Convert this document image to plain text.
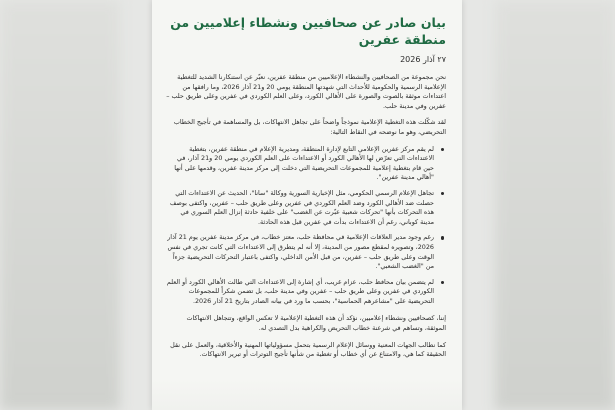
بيان صادر عن صحافيين ونشطاء إعلاميين من منطقة عفرين
٢٧ آذار 2026

نحن مجموعة من الصحافيين والنشطاء الإعلاميين من منطقة عفرين، نعبّر عن استنكارنا الشديد للتغطية الإعلامية الرسمية والحكومية للأحداث التي شهدتها المنطقة يومي 20 و21 آذار 2026، وما رافقها من اعتداءات موثقة بالصوت والصورة على الأهالي الكورد، وعلى العلم الكوردي في عفرين وعلى طريق حلب – عفرين وفي مدينة حلب.

لقد شكّلت هذه التغطية الإعلامية نموذجاً واضحاً على تجاهل الانتهاكات، بل والمساهمة في تأجيج الخطاب التحريضي، وهو ما نوضحه في النقاط التالية:

لم يقم مركز عفرين الإعلامي التابع لإدارة المنطقة، ومديرية الإعلام في منطقة عفرين، بتغطية الاعتداءات التي تعرّض لها الأهالي الكورد أو الاعتداءات على العلم الكوردي يومي 20 و21 آذار، في حين قام بتغطية إعلامية للمجموعات التحريضية التي دخلت إلى مركز مدينة عفرين، وقدمها على أنها "أهالي مدينة عفرين".
تجاهل الإعلام الرسمي الحكومي، مثل الإخبارية السورية ووكالة "سانا"، الحديث عن الاعتداءات التي حصلت ضد الأهالي الكورد وضد العلم الكوردي في عفرين وعلى طريق حلب – عفرين، واكتفى بوصف هذه التحركات بأنها "تحركات شعبية عبّرت عن الغضب" على خلفية حادثة إنزال العلم السوري في مدينة كوباني، رغم أن الاعتداءات بدأت في عفرين قبل هذه الحادثة.
رغم وجود مدير العلاقات الإعلامية في محافظة حلب، معتز خطاب، في مركز مدينة عفرين يوم 21 آذار 2026، وتصويره لمقطع مصور من المدينة، إلا أنه لم يتطرق إلى الاعتداءات التي كانت تجري في نفس الوقت وعلى طريق حلب – عفرين، من قبل الأمن الداخلي، واكتفى باعتبار التحركات التحريضية جزءاً من "الغضب الشعبي".
لم يتضمن بيان محافظ حلب، عزام غريب، أي إشارة إلى الاعتداءات التي طالت الأهالي الكورد أو العلم الكوردي في عفرين وعلى طريق حلب – عفرين وفي مدينة حلب، بل تضمن شكراً للمجموعات التحريضية على "مشاعرهم الحماسية"، بحسب ما ورد في بيانه الصادر بتاريخ 21 آذار 2026.

إننا، كصحافيين ونشطاء إعلاميين، نؤكد أن هذه التغطية الإعلامية لا تعكس الواقع، وتتجاهل الانتهاكات الموثقة، وتساهم في شرعنة خطاب التحريض والكراهية بدل التصدي له.

كما نطالب الجهات المعنية ووسائل الإعلام الرسمية بتحمل مسؤولياتها المهنية والأخلاقية، والعمل على نقل الحقيقة كما هي، والامتناع عن أي خطاب أو تغطية من شأنها تأجيج التوترات أو تبرير الانتهاكات.
